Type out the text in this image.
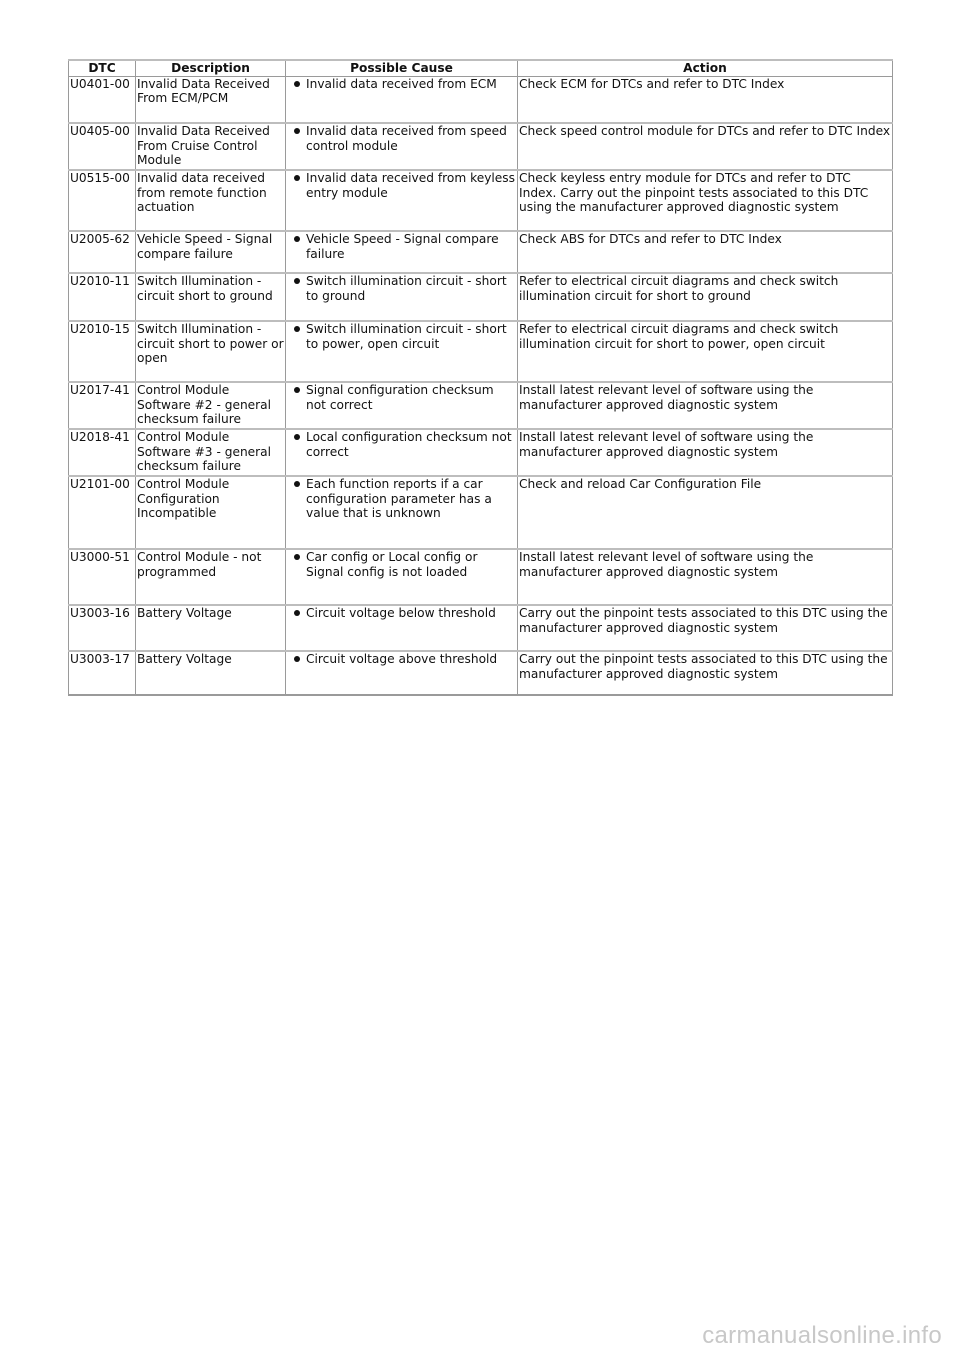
DTC	Description	Possible Cause	Action
U0401-00	Invalid Data Received From ECM/PCM	Invalid data received from ECM	Check ECM for DTCs and refer to DTC Index
U0405-00	Invalid Data Received From Cruise Control Module	Invalid data received from speed control module	Check speed control module for DTCs and refer to DTC Index
U0515-00	Invalid data received from remote function actuation	Invalid data received from keyless entry module	Check keyless entry module for DTCs and refer to DTC Index. Carry out the pinpoint tests associated to this DTC using the manufacturer approved diagnostic system
U2005-62	Vehicle Speed - Signal compare failure	Vehicle Speed - Signal compare failure	Check ABS for DTCs and refer to DTC Index
U2010-11	Switch Illumination - circuit short to ground	Switch illumination circuit - short to ground	Refer to electrical circuit diagrams and check switch illumination circuit for short to ground
U2010-15	Switch Illumination - circuit short to power or open	Switch illumination circuit - short to power, open circuit	Refer to electrical circuit diagrams and check switch illumination circuit for short to power, open circuit
U2017-41	Control Module Software #2 - general checksum failure	Signal configuration checksum not correct	Install latest relevant level of software using the manufacturer approved diagnostic system
U2018-41	Control Module Software #3 - general checksum failure	Local configuration checksum not correct	Install latest relevant level of software using the manufacturer approved diagnostic system
U2101-00	Control Module Configuration Incompatible	Each function reports if a car configuration parameter has a value that is unknown	Check and reload Car Configuration File
U3000-51	Control Module - not programmed	Car config or Local config or Signal config is not loaded	Install latest relevant level of software using the manufacturer approved diagnostic system
U3003-16	Battery Voltage	Circuit voltage below threshold	Carry out the pinpoint tests associated to this DTC using the manufacturer approved diagnostic system
U3003-17	Battery Voltage	Circuit voltage above threshold	Carry out the pinpoint tests associated to this DTC using the manufacturer approved diagnostic system
carmanualsonline.info
